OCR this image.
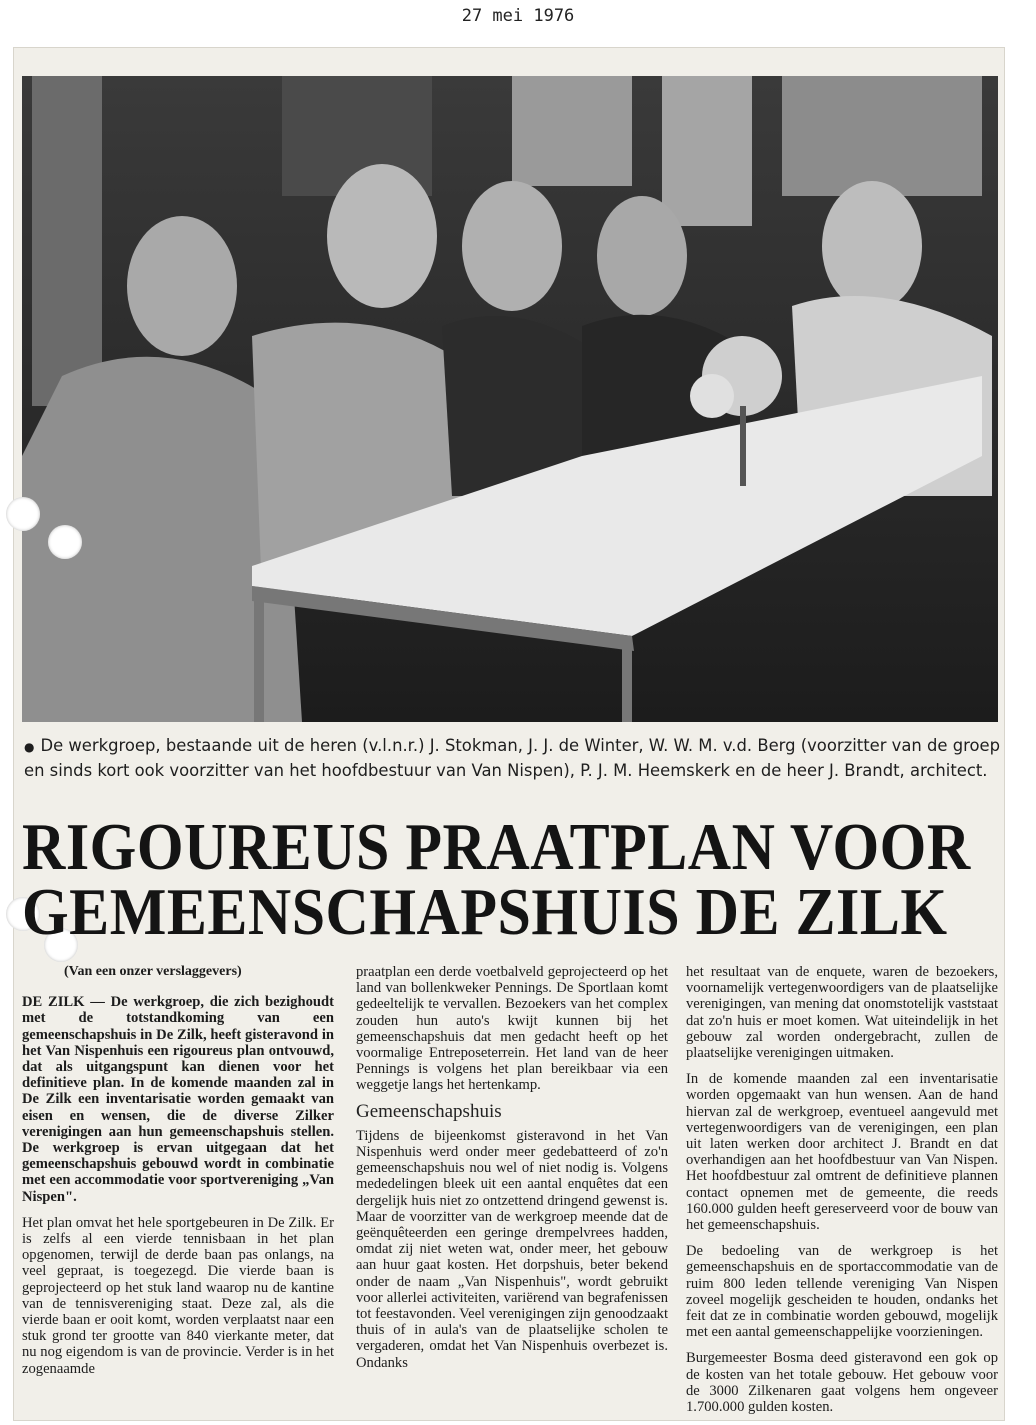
27 mei 1976
● De werkgroep, bestaande uit de heren (v.l.n.r.) J. Stokman, J. J. de Winter, W. W. M. v.d. Berg (voorzitter van de groep en sinds kort ook voorzitter van het hoofdbestuur van Van Nispen), P. J. M. Heemskerk en de heer J. Brandt, architect.
RIGOUREUS PRAATPLAN VOOR
GEMEENSCHAPSHUIS DE ZILK

(Van een onzer verslaggevers)

DE ZILK — De werkgroep, die zich bezighoudt met de totstandkoming van een gemeenschapshuis in De Zilk, heeft gisteravond in het Van Nispenhuis een rigoureus plan ontvouwd, dat als uitgangspunt kan dienen voor het definitieve plan. In de komende maanden zal in De Zilk een inventarisatie worden gemaakt van eisen en wensen, die de diverse Zilker verenigingen aan hun gemeenschapshuis stellen. De werkgroep is ervan uitgegaan dat het gemeenschapshuis gebouwd wordt in combinatie met een accommodatie voor sportvereniging „Van Nispen".

Het plan omvat het hele sportgebeuren in De Zilk. Er is zelfs al een vierde tennisbaan in het plan opgenomen, terwijl de derde baan pas onlangs, na veel gepraat, is toegezegd. Die vierde baan is geprojecteerd op het stuk land waarop nu de kantine van de tennisvereniging staat. Deze zal, als die vierde baan er ooit komt, worden verplaatst naar een stuk grond ter grootte van 840 vierkante meter, dat nu nog eigendom is van de provincie. Verder is in het zogenaamde

praatplan een derde voetbalveld geprojecteerd op het land van bollenkweker Pennings. De Sportlaan komt gedeeltelijk te vervallen. Bezoekers van het complex zouden hun auto's kwijt kunnen bij het gemeenschapshuis dat men gedacht heeft op het voormalige Entreposeterrein. Het land van de heer Pennings is volgens het plan bereikbaar via een weggetje langs het hertenkamp.

Gemeenschapshuis

Tijdens de bijeenkomst gisteravond in het Van Nispenhuis werd onder meer gedebatteerd of zo'n gemeenschapshuis nou wel of niet nodig is. Volgens mededelingen bleek uit een aantal enquêtes dat een dergelijk huis niet zo ontzettend dringend gewenst is. Maar de voorzitter van de werkgroep meende dat de geënquêteerden een geringe drempelvrees hadden, omdat zij niet weten wat, onder meer, het gebouw aan huur gaat kosten. Het dorpshuis, beter bekend onder de naam „Van Nispenhuis", wordt gebruikt voor allerlei activiteiten, variërend van begrafenissen tot feestavonden. Veel verenigingen zijn genoodzaakt thuis of in aula's van de plaatselijke scholen te vergaderen, omdat het Van Nispenhuis overbezet is. Ondanks

het resultaat van de enquete, waren de bezoekers, voornamelijk vertegenwoordigers van de plaatselijke verenigingen, van mening dat onomstotelijk vaststaat dat zo'n huis er moet komen. Wat uiteindelijk in het gebouw zal worden ondergebracht, zullen de plaatselijke verenigingen uitmaken.

In de komende maanden zal een inventarisatie worden opgemaakt van hun wensen. Aan de hand hiervan zal de werkgroep, eventueel aangevuld met vertegenwoordigers van de verenigingen, een plan uit laten werken door architect J. Brandt en dat overhandigen aan het hoofdbestuur van Van Nispen. Het hoofdbestuur zal omtrent de definitieve plannen contact opnemen met de gemeente, die reeds 160.000 gulden heeft gereserveerd voor de bouw van het gemeenschapshuis.

De bedoeling van de werkgroep is het gemeenschapshuis en de sportaccommodatie van de ruim 800 leden tellende vereniging Van Nispen zoveel mogelijk gescheiden te houden, ondanks het feit dat ze in combinatie worden gebouwd, mogelijk met een aantal gemeenschappelijke voorzieningen.

Burgemeester Bosma deed gisteravond een gok op de kosten van het totale gebouw. Het gebouw voor de 3000 Zilkenaren gaat volgens hem ongeveer 1.700.000 gulden kosten.
